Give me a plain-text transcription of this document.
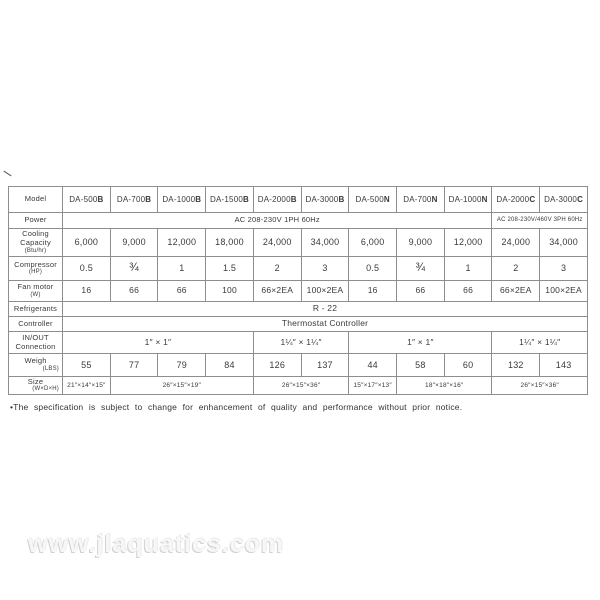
Model	DA-500B	DA-700B	DA-1000B	DA-1500B	DA-2000B	DA-3000B	DA-500N	DA-700N	DA-1000N	DA-2000C	DA-3000C
Power	AC 208-230V 1PH 60Hz									AC 208-230V/460V 3PH 60Hz	

Cooling
Capacity
(Btu/hr)	6,000	9,000	12,000	18,000	24,000	34,000	6,000	9,000	12,000	24,000	34,000

Compressor
(HP)	0.5	¾	1	1.5	2	3	0.5	¾	1	2	3

Fan motor
(W)	16	66	66	100	66×2EA	100×2EA	16	66	66	66×2EA	100×2EA
Refrigerants	R - 22										
Controller	Thermostat Controller										

IN/OUT
Connection	1″ × 1″				1¼″ × 1¼″		1″ × 1″			1¼″ × 1¼″	

Weigh
(LBS)	55	77	79	84	126	137	44	58	60	132	143

Size
(W×D×H)	21″×14″×15″	26″×15″×19″			26″×15″×36″		15″×17″×13″	18″×18″×16″		26″×15″×36″	
•The specification is subject to change for enhancement of quality and performance without prior notice.
www.jlaquatics.com
